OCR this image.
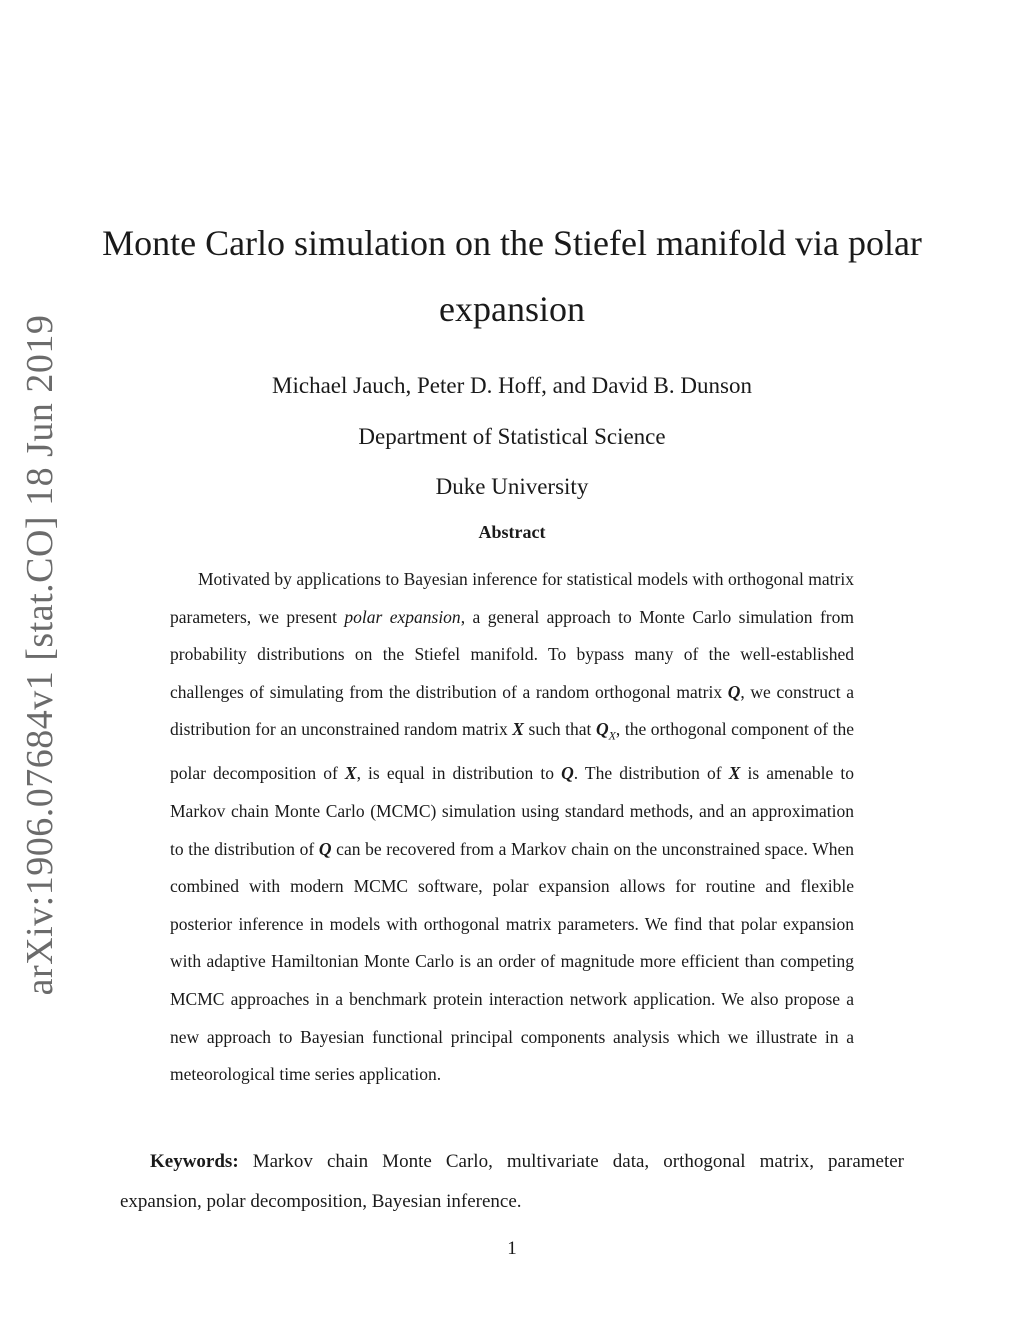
arXiv:1906.07684v1 [stat.CO] 18 Jun 2019
Monte Carlo simulation on the Stiefel manifold via polar expansion
Michael Jauch, Peter D. Hoff, and David B. Dunson
Department of Statistical Science
Duke University
Abstract

Motivated by applications to Bayesian inference for statistical models with orthogonal matrix parameters, we present polar expansion, a general approach to Monte Carlo simulation from probability distributions on the Stiefel manifold. To bypass many of the well-established challenges of simulating from the distribution of a random orthogonal matrix Q, we construct a distribution for an unconstrained random matrix X such that $Q_X$, the orthogonal component of the polar decomposition of X, is equal in distribution to Q. The distribution of X is amenable to Markov chain Monte Carlo (MCMC) simulation using standard methods, and an approximation to the distribution of Q can be recovered from a Markov chain on the unconstrained space. When combined with modern MCMC software, polar expansion allows for routine and flexible posterior inference in models with orthogonal matrix parameters. We find that polar expansion with adaptive Hamiltonian Monte Carlo is an order of magnitude more efficient than competing MCMC approaches in a benchmark protein interaction network application. We also propose a new approach to Bayesian functional principal components analysis which we illustrate in a meteorological time series application.

Keywords: Markov chain Monte Carlo, multivariate data, orthogonal matrix, parameter expansion, polar decomposition, Bayesian inference.

1
